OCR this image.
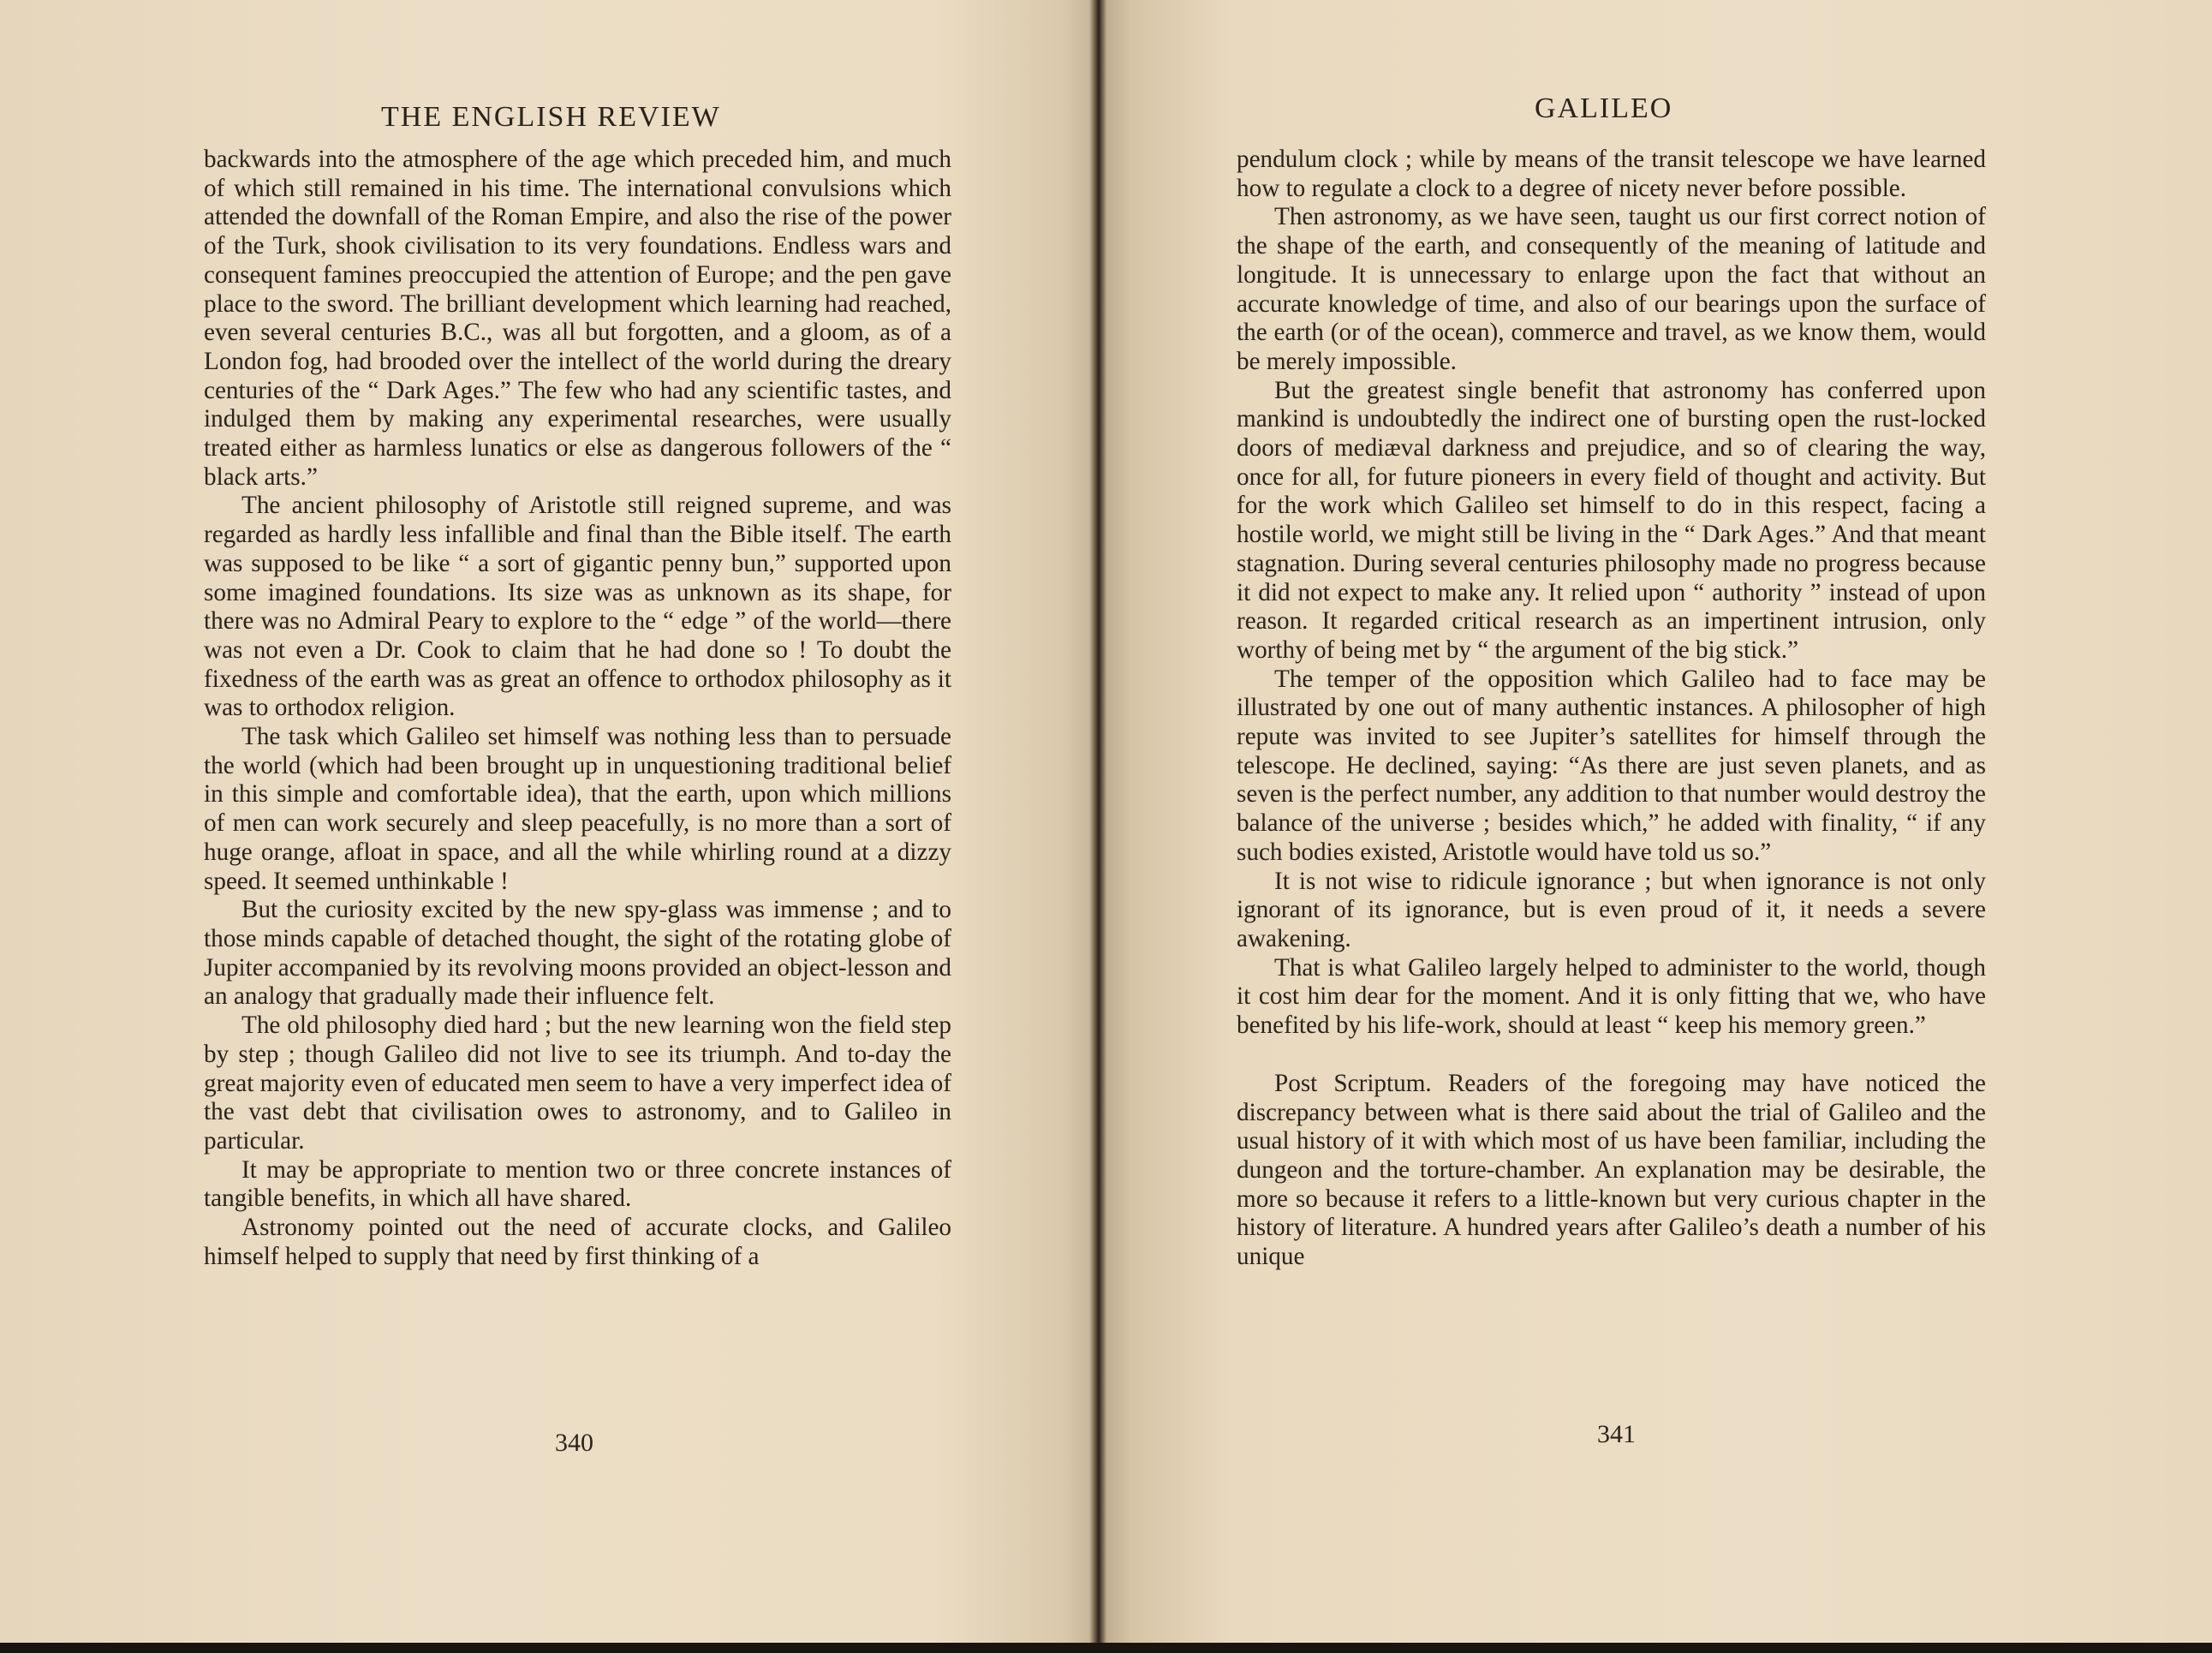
THE ENGLISH REVIEW

backwards into the atmosphere of the age which preceded him, and much of which still remained in his time. The international convulsions which attended the downfall of the Roman Empire, and also the rise of the power of the Turk, shook civilisation to its very foundations. Endless wars and consequent famines preoccupied the attention of Europe; and the pen gave place to the sword. The brilliant development which learning had reached, even several centuries B.C., was all but forgotten, and a gloom, as of a London fog, had brooded over the intellect of the world during the dreary centuries of the “ Dark Ages.” The few who had any scientific tastes, and indulged them by making any experimental researches, were usually treated either as harmless lunatics or else as dangerous followers of the “ black arts.”

The ancient philosophy of Aristotle still reigned supreme, and was regarded as hardly less infallible and final than the Bible itself. The earth was supposed to be like “ a sort of gigantic penny bun,” supported upon some imagined foundations. Its size was as unknown as its shape, for there was no Admiral Peary to explore to the “ edge ” of the world—there was not even a Dr. Cook to claim that he had done so ! To doubt the fixedness of the earth was as great an offence to orthodox philosophy as it was to orthodox religion.

The task which Galileo set himself was nothing less than to persuade the world (which had been brought up in unquestioning traditional belief in this simple and comfortable idea), that the earth, upon which millions of men can work securely and sleep peacefully, is no more than a sort of huge orange, afloat in space, and all the while whirling round at a dizzy speed. It seemed unthinkable !

But the curiosity excited by the new spy-glass was immense ; and to those minds capable of detached thought, the sight of the rotating globe of Jupiter accompanied by its revolving moons provided an object-lesson and an analogy that gradually made their influence felt.

The old philosophy died hard ; but the new learning won the field step by step ; though Galileo did not live to see its triumph. And to-day the great majority even of educated men seem to have a very imperfect idea of the vast debt that civilisation owes to astronomy, and to Galileo in particular.

It may be appropriate to mention two or three concrete instances of tangible benefits, in which all have shared.

Astronomy pointed out the need of accurate clocks, and Galileo himself helped to supply that need by first thinking of a

340
GALILEO

pendulum clock ; while by means of the transit telescope we have learned how to regulate a clock to a degree of nicety never before possible.

Then astronomy, as we have seen, taught us our first correct notion of the shape of the earth, and consequently of the meaning of latitude and longitude. It is unnecessary to enlarge upon the fact that without an accurate knowledge of time, and also of our bearings upon the surface of the earth (or of the ocean), commerce and travel, as we know them, would be merely impossible.

But the greatest single benefit that astronomy has conferred upon mankind is undoubtedly the indirect one of bursting open the rust-locked doors of mediæval darkness and prejudice, and so of clearing the way, once for all, for future pioneers in every field of thought and activity. But for the work which Galileo set himself to do in this respect, facing a hostile world, we might still be living in the “ Dark Ages.” And that meant stagnation. During several centuries philosophy made no progress because it did not expect to make any. It relied upon “ authority ” instead of upon reason. It regarded critical research as an impertinent intrusion, only worthy of being met by “ the argument of the big stick.”

The temper of the opposition which Galileo had to face may be illustrated by one out of many authentic instances. A philosopher of high repute was invited to see Jupiter’s satellites for himself through the telescope. He declined, saying: “As there are just seven planets, and as seven is the perfect number, any addition to that number would destroy the balance of the universe ; besides which,” he added with finality, “ if any such bodies existed, Aristotle would have told us so.”

It is not wise to ridicule ignorance ; but when ignorance is not only ignorant of its ignorance, but is even proud of it, it needs a severe awakening.

That is what Galileo largely helped to administer to the world, though it cost him dear for the moment. And it is only fitting that we, who have benefited by his life-work, should at least “ keep his memory green.”

Post Scriptum. Readers of the foregoing may have noticed the discrepancy between what is there said about the trial of Galileo and the usual history of it with which most of us have been familiar, including the dungeon and the torture-chamber. An explanation may be desirable, the more so because it refers to a little-known but very curious chapter in the history of literature. A hundred years after Galileo’s death a number of his unique

341
